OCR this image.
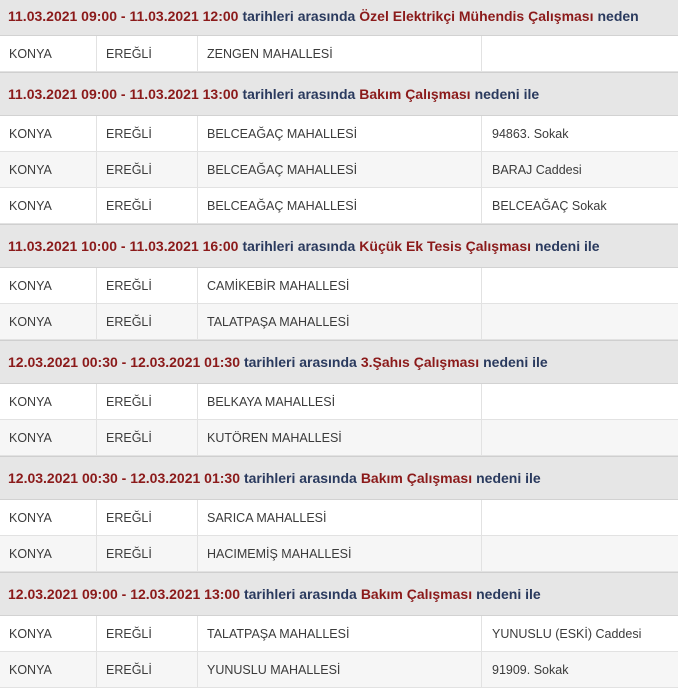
11.03.2021 09:00 - 11.03.2021 12:00 tarihleri arasında Özel Elektrikçi Mühendis Çalışması neden
KONYA	EREĞLİ	ZENGEN MAHALLESİ
11.03.2021 09:00 - 11.03.2021 13:00 tarihleri arasında Bakım Çalışması nedeni ile
KONYA	EREĞLİ	BELCEAĞAÇ MAHALLESİ	94863. Sokak
KONYA	EREĞLİ	BELCEAĞAÇ MAHALLESİ	BARAJ Caddesi
KONYA	EREĞLİ	BELCEAĞAÇ MAHALLESİ	BELCEAĞAÇ Sokak
11.03.2021 10:00 - 11.03.2021 16:00 tarihleri arasında Küçük Ek Tesis Çalışması nedeni ile
KONYA	EREĞLİ	CAMİKEBİR MAHALLESİ
KONYA	EREĞLİ	TALATPAŞA MAHALLESİ
12.03.2021 00:30 - 12.03.2021 01:30 tarihleri arasında 3.Şahıs Çalışması nedeni ile
KONYA	EREĞLİ	BELKAYA MAHALLESİ
KONYA	EREĞLİ	KUTÖREN MAHALLESİ
12.03.2021 00:30 - 12.03.2021 01:30 tarihleri arasında Bakım Çalışması nedeni ile
KONYA	EREĞLİ	SARICA MAHALLESİ
KONYA	EREĞLİ	HACIMEMİŞ MAHALLESİ
12.03.2021 09:00 - 12.03.2021 13:00 tarihleri arasında Bakım Çalışması nedeni ile
KONYA	EREĞLİ	TALATPAŞA MAHALLESİ	YUNUSLU (ESKİ) Caddesi
KONYA	EREĞLİ	YUNUSLU MAHALLESİ	91909. Sokak
